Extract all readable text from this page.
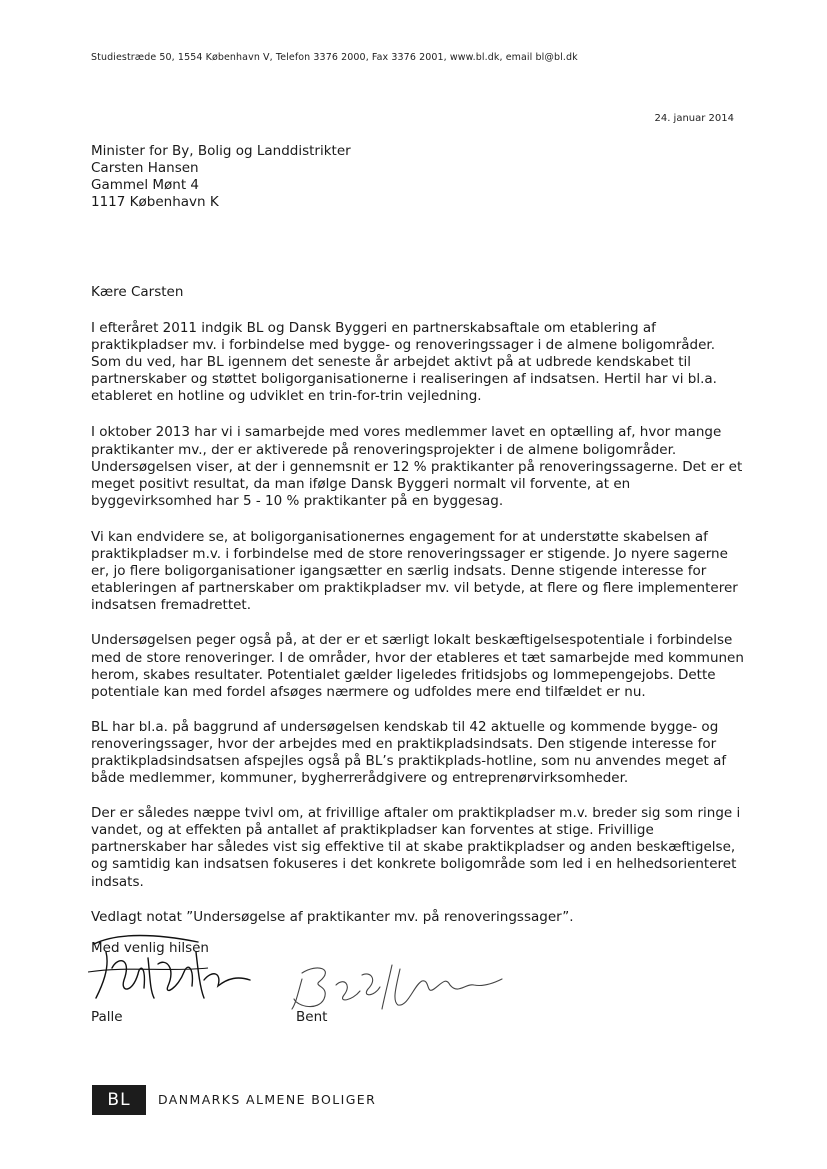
Studiestræde 50, 1554 København V, Telefon 3376 2000, Fax 3376 2001, www.bl.dk, email bl@bl.dk
24. januar 2014
Minister for By, Bolig og Landdistrikter
Carsten Hansen
Gammel Mønt 4
1117 København K
Kære Carsten

I efteråret 2011 indgik BL og Dansk Byggeri en partnerskabsaftale om etablering af praktikpladser mv. i forbindelse med bygge- og renoveringssager i de almene boligområder. Som du ved, har BL igennem det seneste år arbejdet aktivt på at udbrede kendskabet til partnerskaber og støttet boligorganisationerne i realiseringen af indsatsen. Hertil har vi bl.a. etableret en hotline og udviklet en trin-for-trin vejledning.

I oktober 2013 har vi i samarbejde med vores medlemmer lavet en optælling af, hvor mange praktikanter mv., der er aktiverede på renoveringsprojekter i de almene boligområder. Undersøgelsen viser, at der i gennemsnit er 12 % praktikanter på renoveringssagerne. Det er et meget positivt resultat, da man ifølge Dansk Byggeri normalt vil forvente, at en byggevirksomhed har 5 - 10 % praktikanter på en byggesag.

Vi kan endvidere se, at boligorganisationernes engagement for at understøtte skabelsen af praktikpladser m.v. i forbindelse med de store renoveringssager er stigende. Jo nyere sagerne er, jo flere boligorganisationer igangsætter en særlig indsats. Denne stigende interesse for etableringen af partnerskaber om praktikpladser mv. vil betyde, at flere og flere implementerer indsatsen fremadrettet.

Undersøgelsen peger også på, at der er et særligt lokalt beskæftigelsespotentiale i forbindelse med de store renoveringer. I de områder, hvor der etableres et tæt samarbejde med kommunen herom, skabes resultater. Potentialet gælder ligeledes fritidsjobs og lommepengejobs. Dette potentiale kan med fordel afsøges nærmere og udfoldes mere end tilfældet er nu.

BL har bl.a. på baggrund af undersøgelsen kendskab til 42 aktuelle og kommende bygge- og renoveringssager, hvor der arbejdes med en praktikpladsindsats. Den stigende interesse for praktikpladsindsatsen afspejles også på BL’s praktikplads-hotline, som nu anvendes meget af både medlemmer, kommuner, bygherrerådgivere og entreprenørvirksomheder.

Der er således næppe tvivl om, at frivillige aftaler om praktikpladser m.v. breder sig som ringe i vandet, og at effekten på antallet af praktikpladser kan forventes at stige. Frivillige partnerskaber har således vist sig effektive til at skabe praktikpladser og anden beskæftigelse, og samtidig kan indsatsen fokuseres i det konkrete boligområde som led i en helhedsorienteret indsats.

Vedlagt notat ”Undersøgelse af praktikanter mv. på renoveringssager”.

Med venlig hilsen
Palle	Bent
BL	DANMARKS ALMENE BOLIGER
